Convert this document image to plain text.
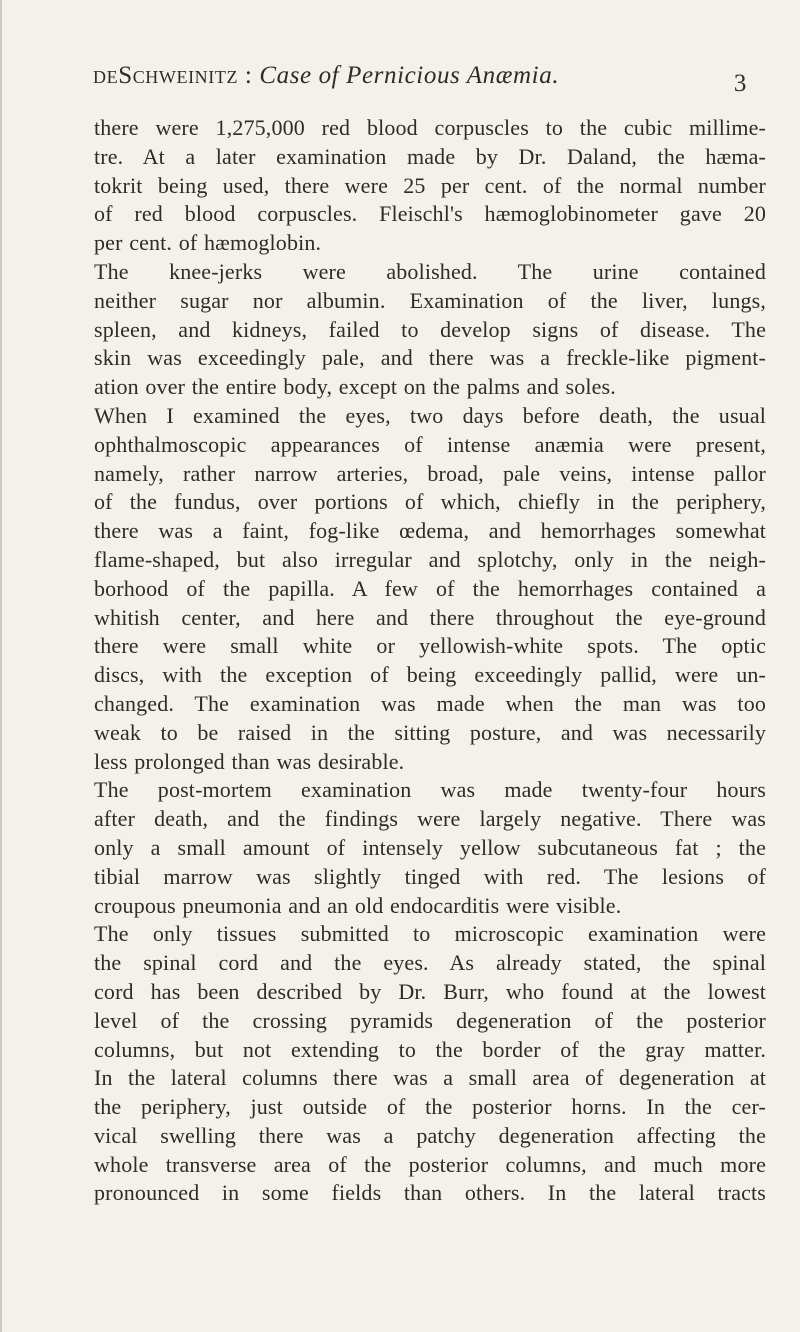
deSchweinitz : Case of Pernicious Anæmia.	3
there were 1,275,000 red blood corpuscles to the cubic millime-
tre. At a later examination made by Dr. Daland, the hæma-
tokrit being used, there were 25 per cent. of the normal number
of red blood corpuscles. Fleischl's hæmoglobinometer gave 20
per cent. of hæmoglobin.
The knee-jerks were abolished. The urine contained
neither sugar nor albumin. Examination of the liver, lungs,
spleen, and kidneys, failed to develop signs of disease. The
skin was exceedingly pale, and there was a freckle-like pigment-
ation over the entire body, except on the palms and soles.
When I examined the eyes, two days before death, the usual
ophthalmoscopic appearances of intense anæmia were present,
namely, rather narrow arteries, broad, pale veins, intense pallor
of the fundus, over portions of which, chiefly in the periphery,
there was a faint, fog-like œdema, and hemorrhages somewhat
flame-shaped, but also irregular and splotchy, only in the neigh-
borhood of the papilla. A few of the hemorrhages contained a
whitish center, and here and there throughout the eye-ground
there were small white or yellowish-white spots. The optic
discs, with the exception of being exceedingly pallid, were un-
changed. The examination was made when the man was too
weak to be raised in the sitting posture, and was necessarily
less prolonged than was desirable.
The post-mortem examination was made twenty-four hours
after death, and the findings were largely negative. There was
only a small amount of intensely yellow subcutaneous fat ; the
tibial marrow was slightly tinged with red. The lesions of
croupous pneumonia and an old endocarditis were visible.
The only tissues submitted to microscopic examination were
the spinal cord and the eyes. As already stated, the spinal
cord has been described by Dr. Burr, who found at the lowest
level of the crossing pyramids degeneration of the posterior
columns, but not extending to the border of the gray matter.
In the lateral columns there was a small area of degeneration at
the periphery, just outside of the posterior horns. In the cer-
vical swelling there was a patchy degeneration affecting the
whole transverse area of the posterior columns, and much more
pronounced in some fields than others. In the lateral tracts
